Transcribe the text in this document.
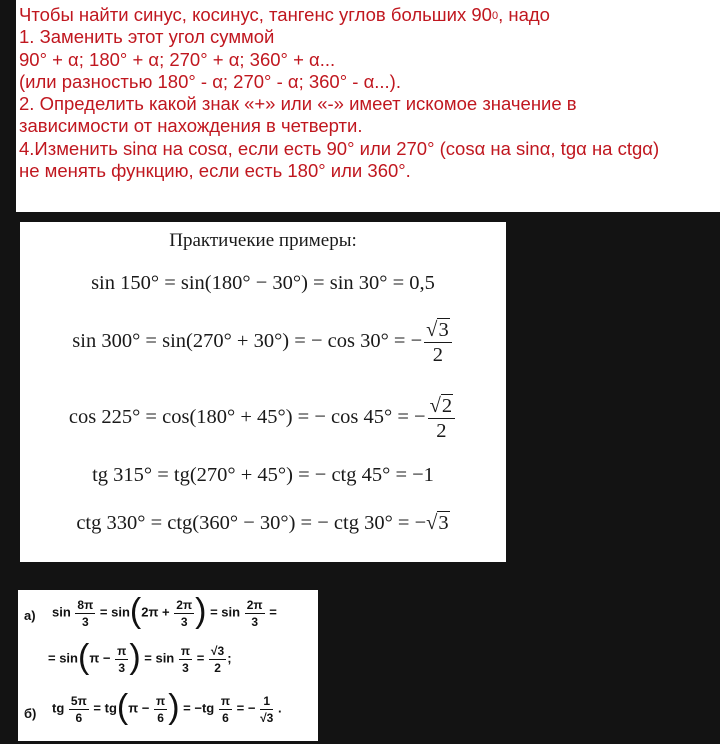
Чтобы найти синус, косинус, тангенс углов больших $90^0$, надо
1. Заменить этот угол суммой
90° + α; 180° + α; 270° + α; 360° + α...
(или разностью 180° - α; 270° - α; 360° - α...).
2. Определить какой знак «+» или «-» имеет искомое значение в
зависимости от нахождения в четверти.
4.Изменить sinα на cosα, если есть 90° или 270° (cosα на sinα, tgα на ctgα)
не менять функцию, если есть 180° или 360°.
Практичекие примеры:
sin 150° = sin(180° − 30°) = sin 30° = 0,5
sin 300° = sin(270° + 30°) = − cos 30° = − $\frac{√3}{2}$
cos 225° = cos(180° + 45°) = − cos 45° = − $\frac{√2}{2}$
tg 315° = tg(270° + 45°) = − ctg 45° = −1
ctg 330° = ctg(360° − 30°) = − ctg 30° = −√3
а) $\sin \frac{8\pi}{3} = \sin(2\pi + \frac{2\pi}{3}$ ) = $\sin \frac{2\pi}{3}$ =
= $\sin(\pi - \frac{\pi}{3}$ ) = $\sin \frac{\pi}{3} = \frac{√3}{2}$ ;
б) tg $\frac{5\pi}{6} = tg(\pi - \frac{\pi}{6}$ ) = $-tg \frac{\pi}{6}$ = − $\frac{1}{√3}$ .
